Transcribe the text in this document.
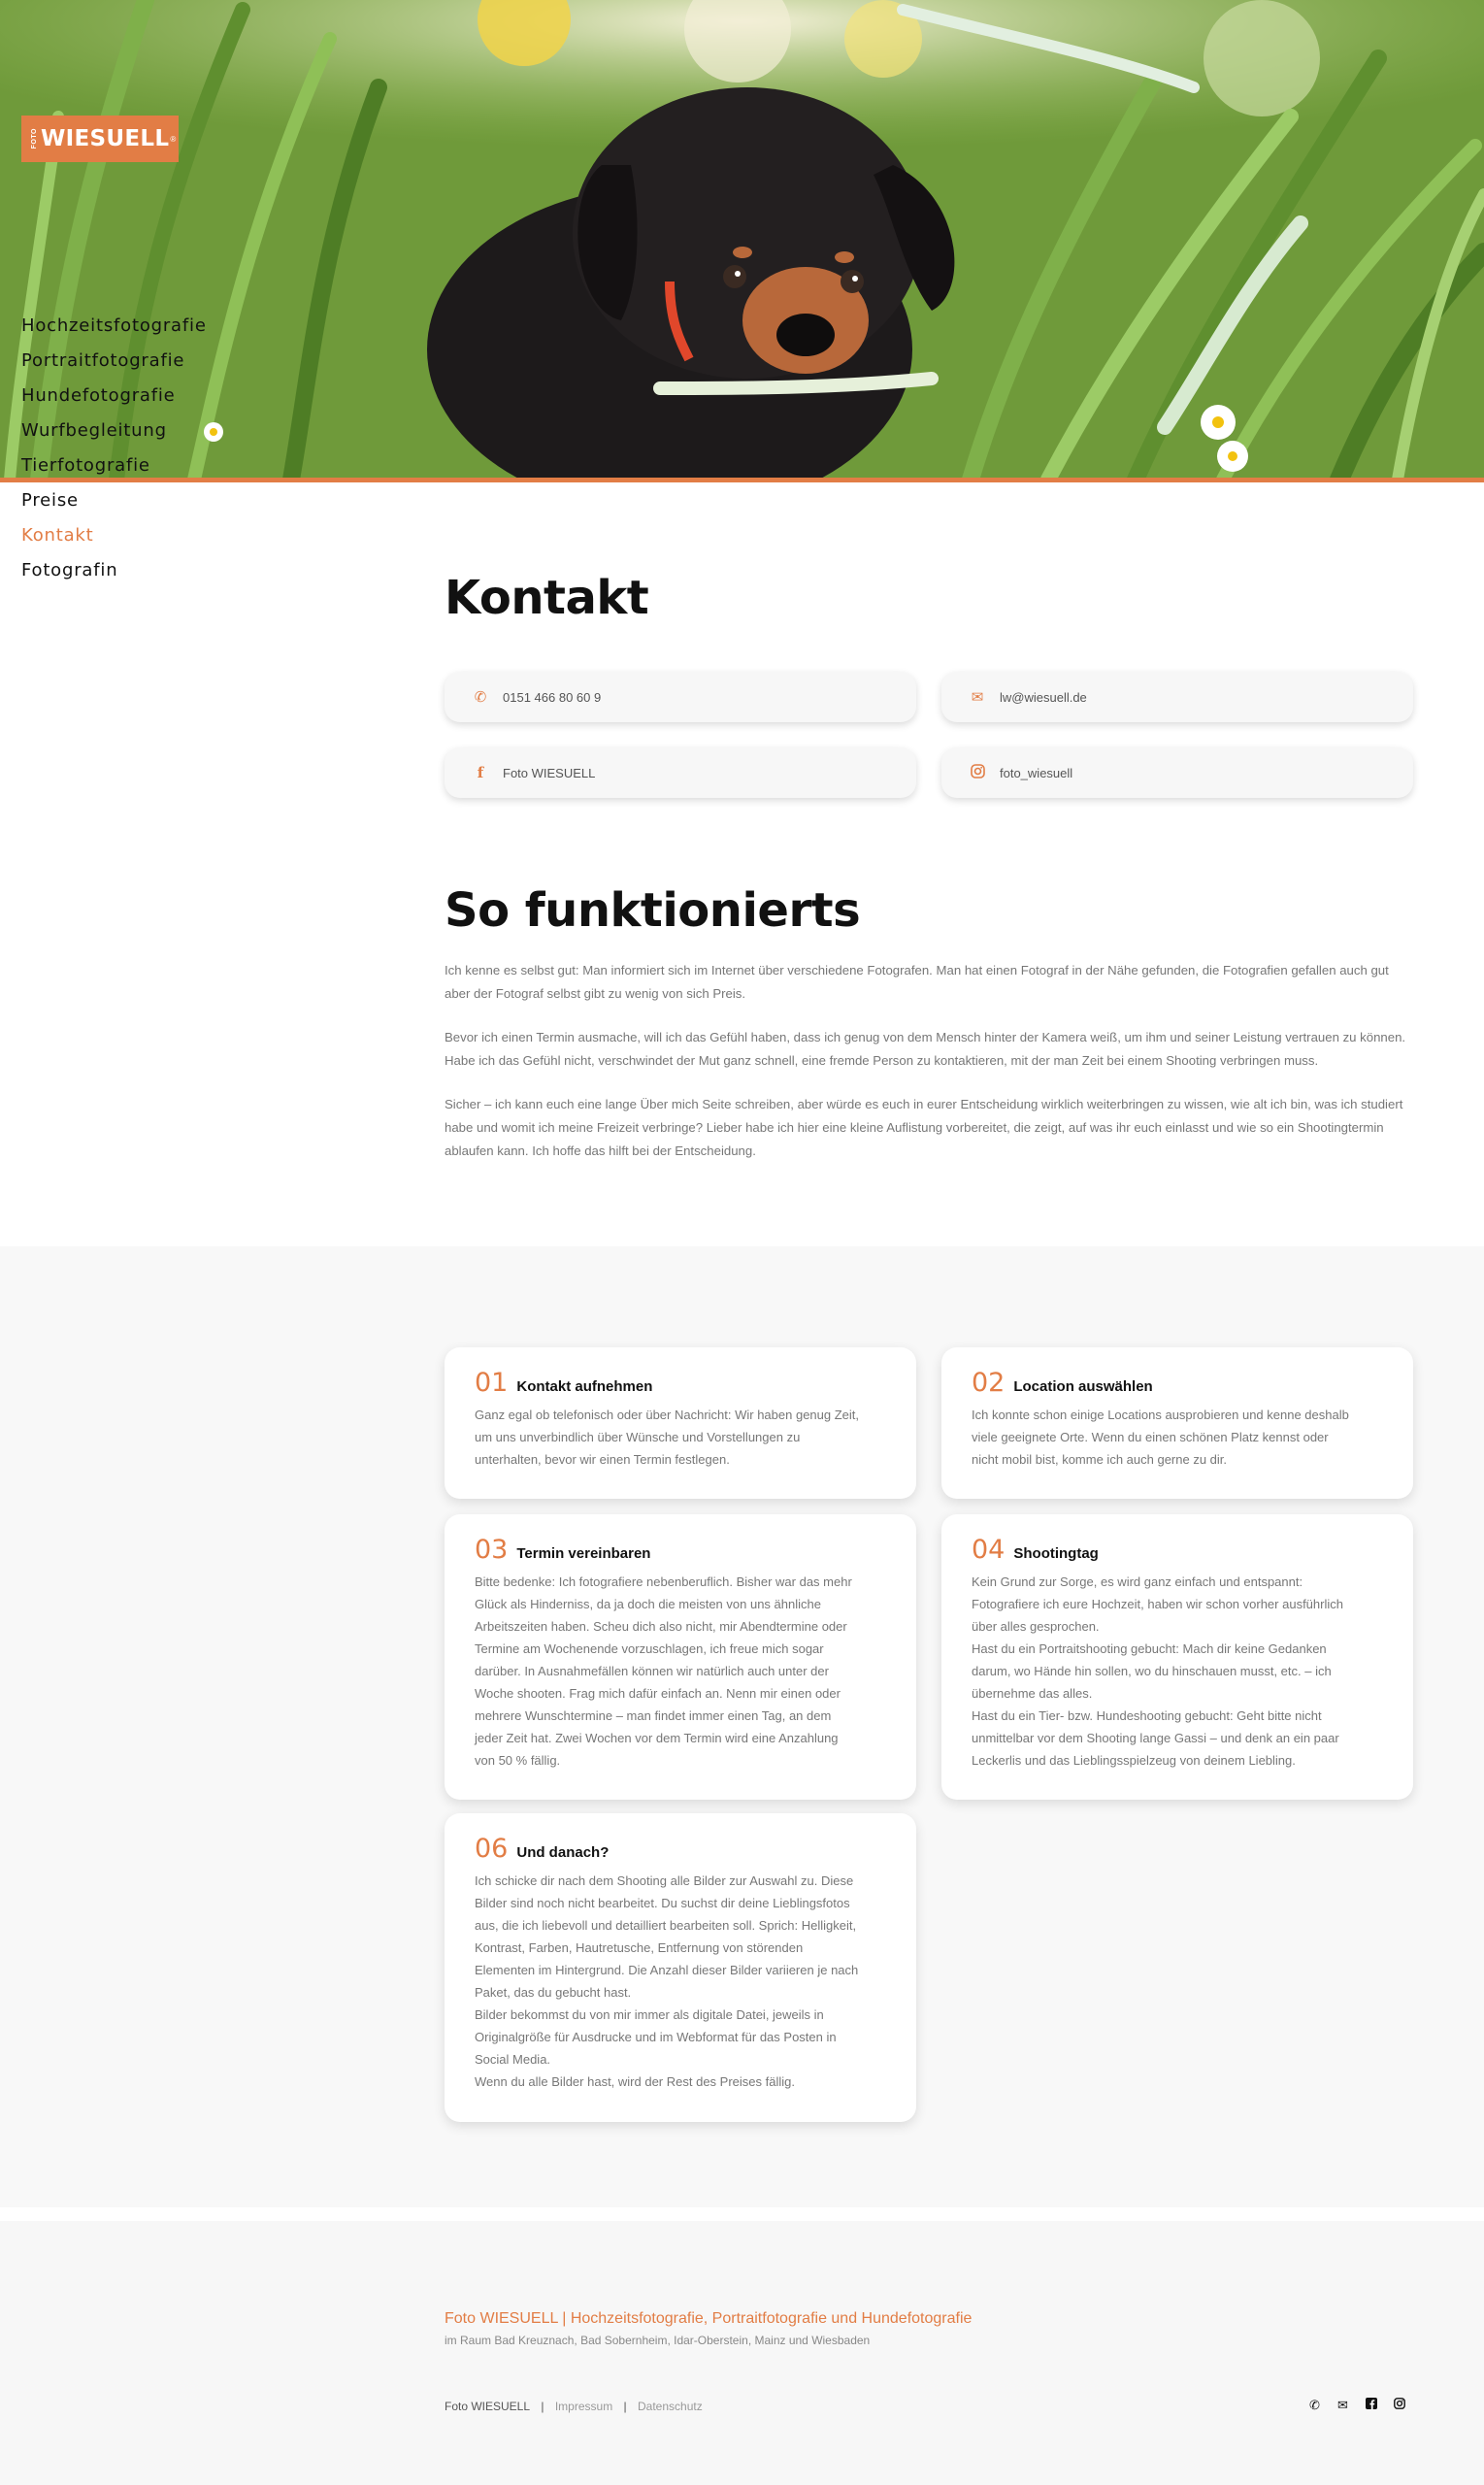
FOTO WIESUELL ®
Hochzeitsfotografie
Portraitfotografie
Hundefotografie
Wurfbegleitung
Tierfotografie
Preise
Kontakt
Fotografin
Kontakt
✆	0151 466 80 60 9	✉	lw@wiesuell.de
f	Foto WIESUELL	foto_wiesuell
So funktionierts

Ich kenne es selbst gut: Man informiert sich im Internet über verschiedene Fotografen. Man hat einen Fotograf in der Nähe gefunden, die Fotografien gefallen auch gut aber der Fotograf selbst gibt zu wenig von sich Preis.

Bevor ich einen Termin ausmache, will ich das Gefühl haben, dass ich genug von dem Mensch hinter der Kamera weiß, um ihm und seiner Leistung vertrauen zu können. Habe ich das Gefühl nicht, verschwindet der Mut ganz schnell, eine fremde Person zu kontaktieren, mit der man Zeit bei einem Shooting verbringen muss.

Sicher – ich kann euch eine lange Über mich Seite schreiben, aber würde es euch in eurer Entscheidung wirklich weiterbringen zu wissen, wie alt ich bin, was ich studiert habe und womit ich meine Freizeit verbringe? Lieber habe ich hier eine kleine Auflistung vorbereitet, die zeigt, auf was ihr euch einlasst und wie so ein Shootingtermin ablaufen kann. Ich hoffe das hilft bei der Entscheidung.

01 Kontakt aufnehmen
Ganz egal ob telefonisch oder über Nachricht: Wir haben genug Zeit,
um uns unverbindlich über Wünsche und Vorstellungen zu
unterhalten, bevor wir einen Termin festlegen.
02 Location auswählen
Ich konnte schon einige Locations ausprobieren und kenne deshalb
viele geeignete Orte. Wenn du einen schönen Platz kennst oder
nicht mobil bist, komme ich auch gerne zu dir.
03 Termin vereinbaren
Bitte bedenke: Ich fotografiere nebenberuflich. Bisher war das mehr
Glück als Hinderniss, da ja doch die meisten von uns ähnliche
Arbeitszeiten haben. Scheu dich also nicht, mir Abendtermine oder
Termine am Wochenende vorzuschlagen, ich freue mich sogar
darüber. In Ausnahmefällen können wir natürlich auch unter der
Woche shooten. Frag mich dafür einfach an. Nenn mir einen oder
mehrere Wunschtermine – man findet immer einen Tag, an dem
jeder Zeit hat. Zwei Wochen vor dem Termin wird eine Anzahlung
von 50 % fällig.
04 Shootingtag
Kein Grund zur Sorge, es wird ganz einfach und entspannt:
Fotografiere ich eure Hochzeit, haben wir schon vorher ausführlich
über alles gesprochen.
Hast du ein Portraitshooting gebucht: Mach dir keine Gedanken
darum, wo Hände hin sollen, wo du hinschauen musst, etc. – ich
übernehme das alles.
Hast du ein Tier- bzw. Hundeshooting gebucht: Geht bitte nicht
unmittelbar vor dem Shooting lange Gassi – und denk an ein paar
Leckerlis und das Lieblingsspielzeug von deinem Liebling.
06 Und danach?
Ich schicke dir nach dem Shooting alle Bilder zur Auswahl zu. Diese
Bilder sind noch nicht bearbeitet. Du suchst dir deine Lieblingsfotos
aus, die ich liebevoll und detailliert bearbeiten soll. Sprich: Helligkeit,
Kontrast, Farben, Hautretusche, Entfernung von störenden
Elementen im Hintergrund. Die Anzahl dieser Bilder variieren je nach
Paket, das du gebucht hast.
Bilder bekommst du von mir immer als digitale Datei, jeweils in
Originalgröße für Ausdrucke und im Webformat für das Posten in
Social Media.
Wenn du alle Bilder hast, wird der Rest des Preises fällig.
Foto WIESUELL | Hochzeitsfotografie, Portraitfotografie und Hundefotografie
im Raum Bad Kreuznach, Bad Sobernheim, Idar-Oberstein, Mainz und Wiesbaden
Foto WIESUELL | Impressum | Datenschutz	✆	✉
